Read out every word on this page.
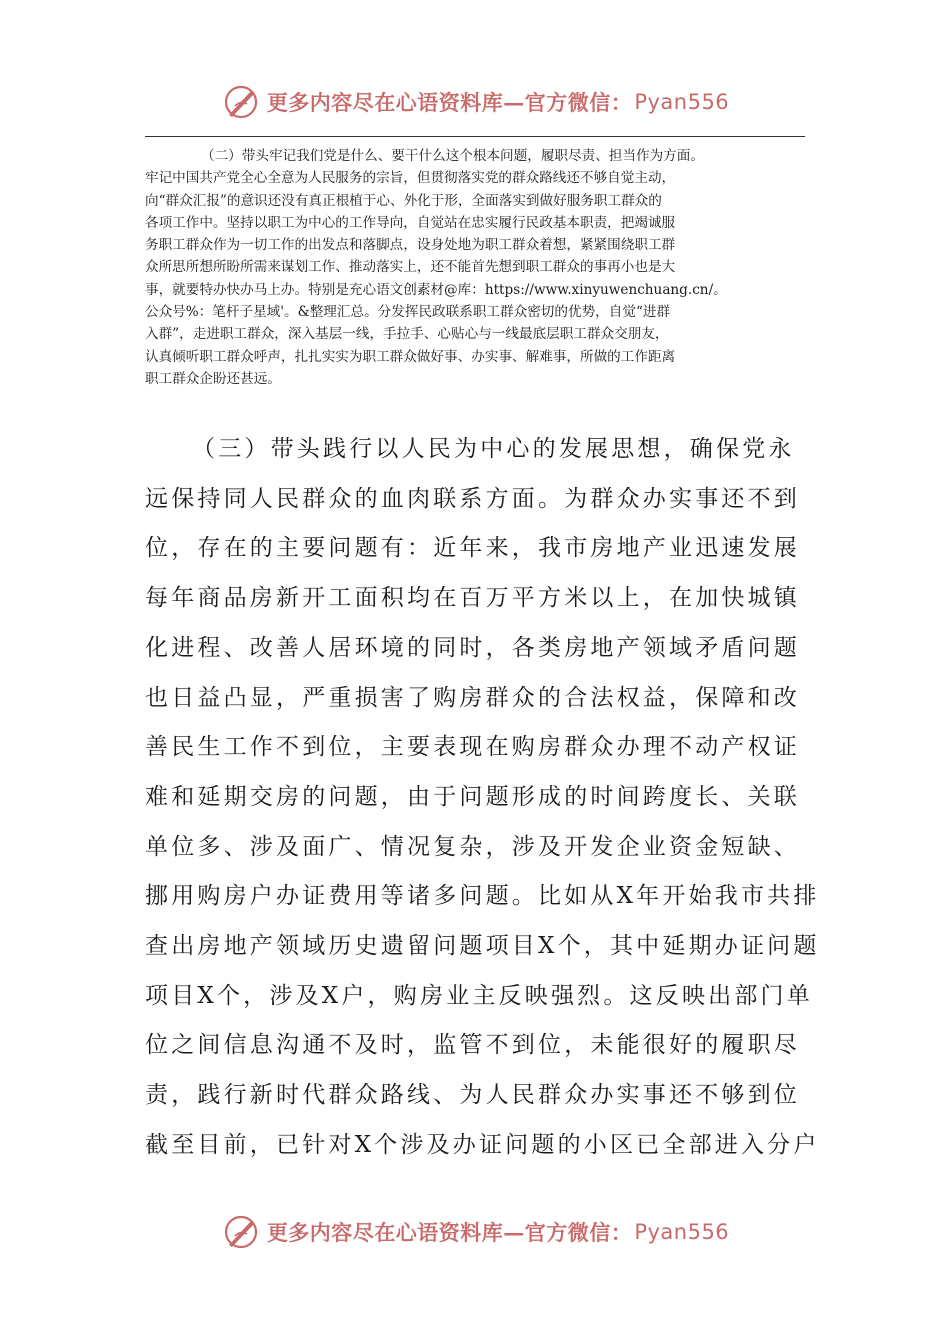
更多内容尽在心语资料库—官方微信： Pyan556
（二）带头牢记我们党是什么、要干什么这个根本问题，履职尽责、担当作为方面。
牢记中国共产党全心全意为人民服务的宗旨，但贯彻落实党的群众路线还不够自觉主动，
向“群众汇报”的意识还没有真正根植于心、外化于形，全面落实到做好服务职工群众的
各项工作中。坚持以职工为中心的工作导向，自觉站在忠实履行民政基本职责，把竭诚服
务职工群众作为一切工作的出发点和落脚点，设身处地为职工群众着想，紧紧围绕职工群
众所思所想所盼所需来谋划工作、推动落实上，还不能首先想到职工群众的事再小也是大
事，就要特办快办马上办。特别是充心语文创素材@库：https://www.xinyuwenchuang.cn/。
公众号%：笔杆子星域'。&整理汇总。分发挥民政联系职工群众密切的优势，自觉“进群
入群”，走进职工群众，深入基层一线，手拉手、心贴心与一线最底层职工群众交朋友，
认真倾听职工群众呼声，扎扎实实为职工群众做好事、办实事、解难事，所做的工作距离
职工群众企盼还甚远。
（三）带头践行以人民为中心的发展思想，确保党永
远保持同人民群众的血肉联系方面。为群众办实事还不到
位，存在的主要问题有：近年来，我市房地产业迅速发展
每年商品房新开工面积均在百万平方米以上，在加快城镇
化进程、改善人居环境的同时，各类房地产领域矛盾问题
也日益凸显，严重损害了购房群众的合法权益，保障和改
善民生工作不到位，主要表现在购房群众办理不动产权证
难和延期交房的问题，由于问题形成的时间跨度长、关联
单位多、涉及面广、情况复杂，涉及开发企业资金短缺、
挪用购房户办证费用等诸多问题。比如从X年开始我市共排
查出房地产领域历史遗留问题项目X个，其中延期办证问题
项目X个，涉及X户，购房业主反映强烈。这反映出部门单
位之间信息沟通不及时，监管不到位，未能很好的履职尽
责，践行新时代群众路线、为人民群众办实事还不够到位
截至目前，已针对X个涉及办证问题的小区已全部进入分户
更多内容尽在心语资料库—官方微信： Pyan556
